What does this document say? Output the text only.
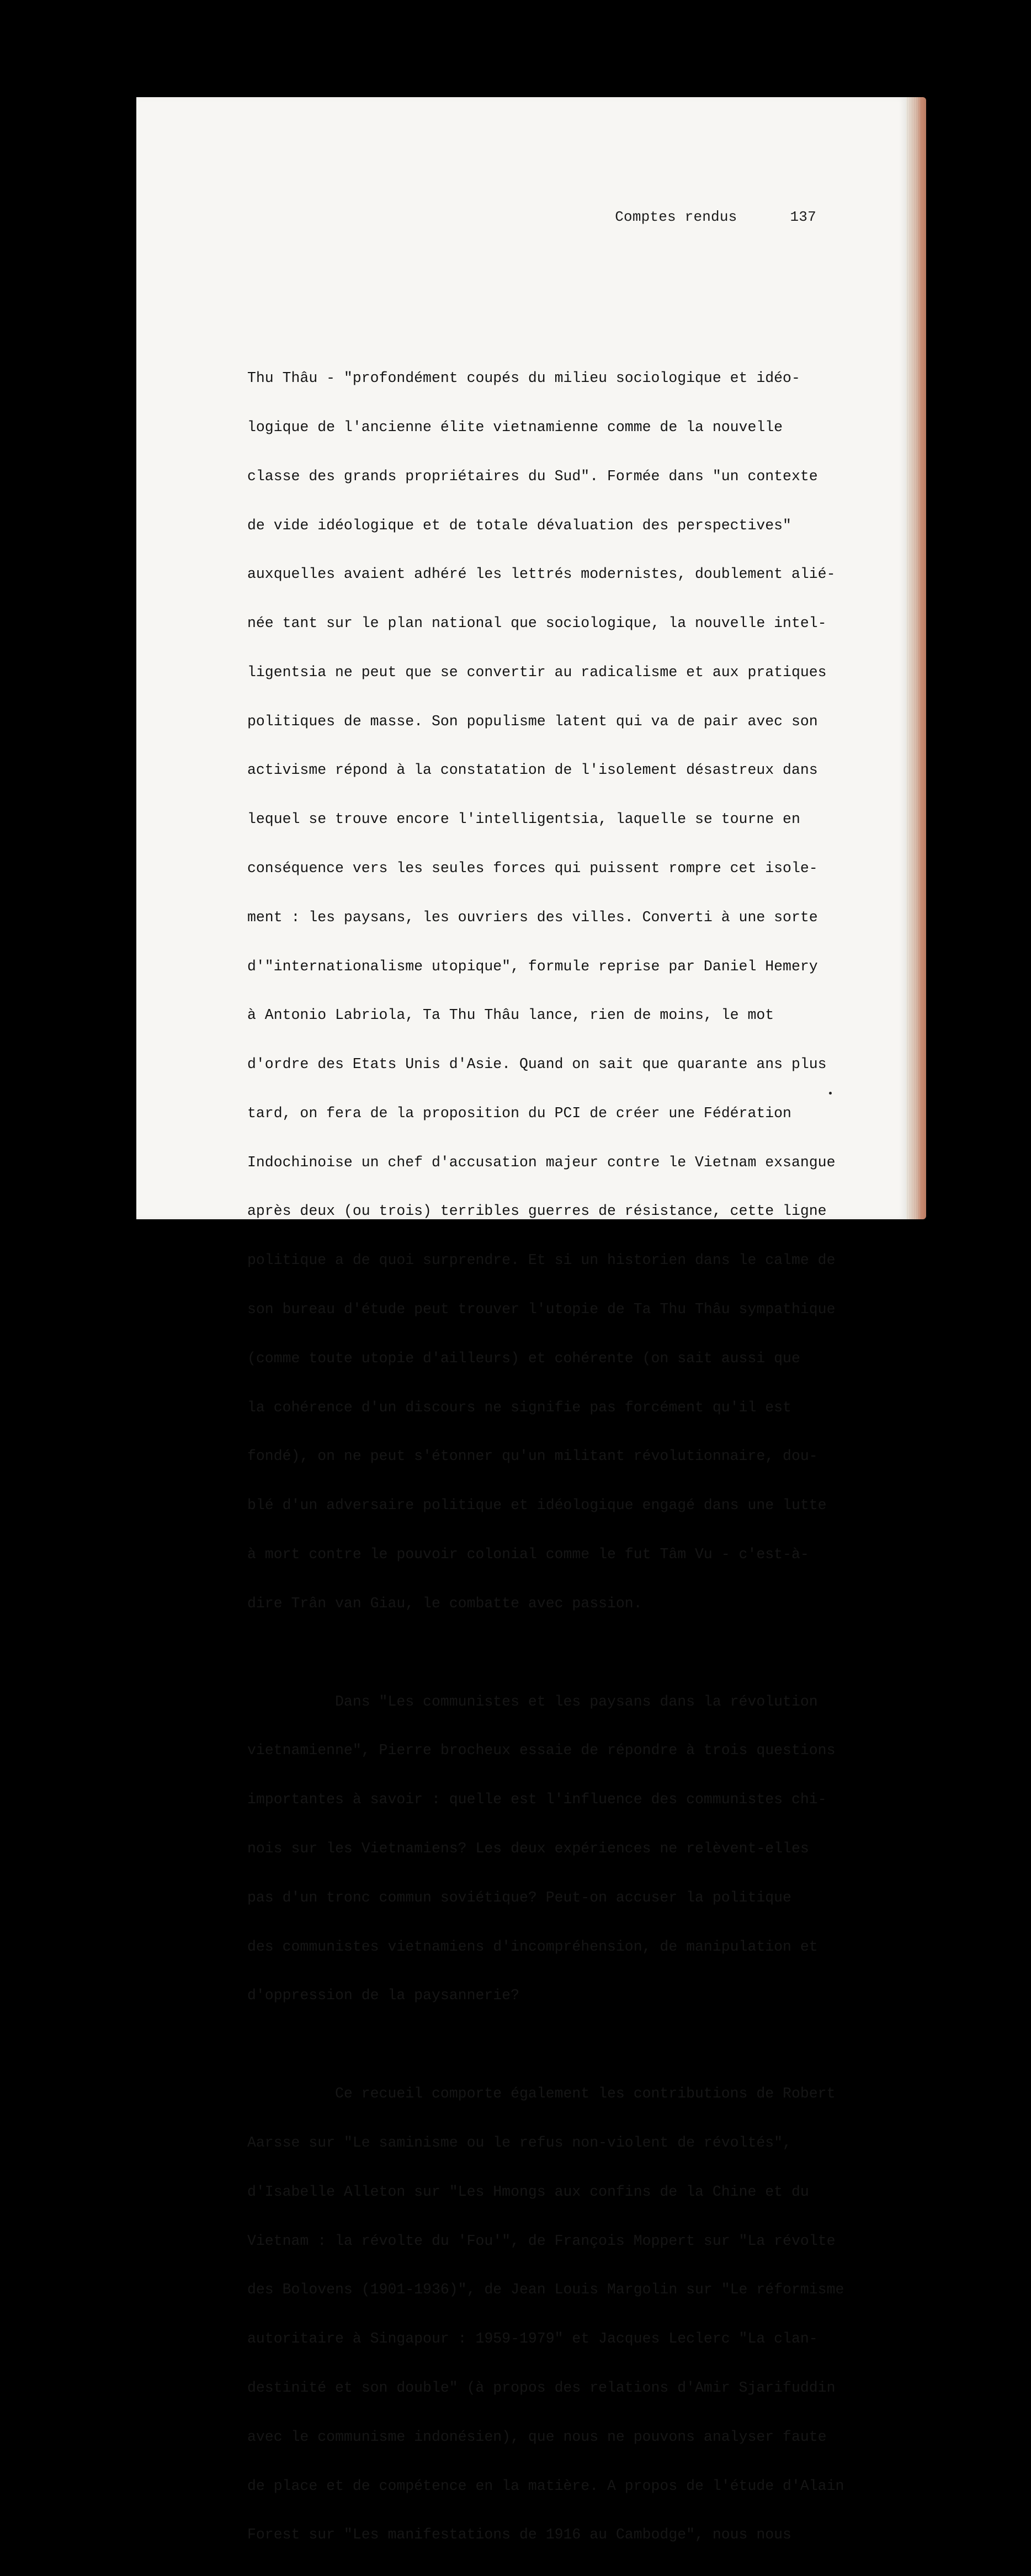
Comptes rendus	137

Thu Thâu - "profondément coupés du milieu sociologique et idéo-

logique de l'ancienne élite vietnamienne comme de la nouvelle

classe des grands propriétaires du Sud". Formée dans "un contexte

de vide idéologique et de totale dévaluation des perspectives"

auxquelles avaient adhéré les lettrés modernistes, doublement alié-

née tant sur le plan national que sociologique, la nouvelle intel-

ligentsia ne peut que se convertir au radicalisme et aux pratiques

politiques de masse. Son populisme latent qui va de pair avec son

activisme répond à la constatation de l'isolement désastreux dans

lequel se trouve encore l'intelligentsia, laquelle se tourne en

conséquence vers les seules forces qui puissent rompre cet isole-

ment : les paysans, les ouvriers des villes. Converti à une sorte

d'"internationalisme utopique", formule reprise par Daniel Hemery

à Antonio Labriola, Ta Thu Thâu lance, rien de moins, le mot

d'ordre des Etats Unis d'Asie. Quand on sait que quarante ans plus

tard, on fera de la proposition du PCI de créer une Fédération

Indochinoise un chef d'accusation majeur contre le Vietnam exsangue

après deux (ou trois) terribles guerres de résistance, cette ligne

politique a de quoi surprendre. Et si un historien dans le calme de

son bureau d'étude peut trouver l'utopie de Ta Thu Thâu sympathique

(comme toute utopie d'ailleurs) et cohérente (on sait aussi que

la cohérence d'un discours ne signifie pas forcément qu'il est

fondé), on ne peut s'étonner qu'un militant révolutionnaire, dou-

blé d'un adversaire politique et idéologique engagé dans une lutte

à mort contre le pouvoir colonial comme le fut Tâm Vu - c'est-à-

dire Trân van Giau, le combatte avec passion.

Dans "Les communistes et les paysans dans la révolution

vietnamienne", Pierre brocheux essaie de répondre à trois questions

importantes à savoir : quelle est l'influence des communistes chi-

nois sur les Vietnamiens? Les deux expériences ne relèvent-elles

pas d'un tronc commun soviétique? Peut-on accuser la politique

des communistes vietnamiens d'incompréhension, de manipulation et

d'oppression de la paysannerie?

Ce recueil comporte également les contributions de Robert

Aarsse sur "Le saminisme ou le refus non-violent de révoltés",

d'Isabelle Alleton sur "Les Hmongs aux confins de la Chine et du

Vietnam : la révolte du 'Fou'", de François Moppert sur "La révolte

des Bolovens (1901-1936)", de Jean Louis Margolin sur "Le réformisme

autoritaire à Singapour : 1959-1979" et Jacques Leclerc "La clan-

destinité et son double" (à propos des relations d'Amir Sjarifuddin

avec le communisme indonésien), que nous ne pouvons analyser faute

de place et de compétence en la matière. A propos de l'étude d'Alain

Forest sur "Les manifestations de 1916 au Cambodge", nous nous
